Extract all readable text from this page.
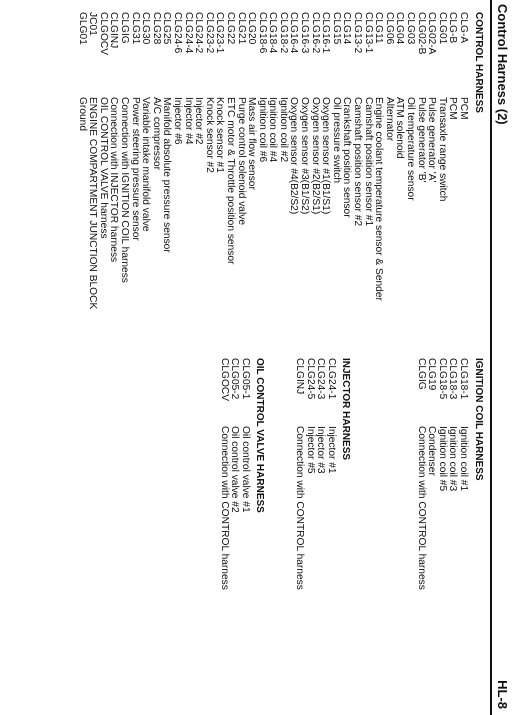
Control Harness (2)
HL-8
CONTROL HARNESS
CLG-A
PCM
CLG-B
PCM
CLG01
Transaxle range switch
CLG02-A
Pulse generator 'A'
CLG02-B
Pulse generator 'B'
CLG03
Oil temperature sensor
CLG04
ATM solenoid
CLG06
Alternator
CLG11
Engine coolant temperature sensor & Sender
CLG13-1
Camshaft position sensor #1
CLG13-2
Camshaft position sensor #2
CLG14
Crankshaft position sensor
CLG15
Oil pressure switch
CLG16-1
Oxygen sensor #1(B1/S1)
CLG16-2
Oxygen sensor #2(B2/S1)
CLG16-3
Oxygen sensor #3(B1/S2)
CLG16-4
Oxygen sensor #4(B2/S2)
CLG18-2
Ignition coil #2
CLG18-4
Ignition coil #4
CLG18-6
Ignition coil #6
CLG20
Mass air flow sensor
CLG21
Purge control solenoid valve
CLG22
ETC motor & Throttle position sensor
CLG23-1
Knock sensor #1
CLG23-2
Knock sensor #2
CLG24-2
Injector #2
CLG24-4
Injector #4
CLG24-6
Injector #6
CLG25
Manifold absolute pressure sensor
CLG28
A/C compressor
CLG30
Variable intake manifold valve
CLG31
Power steering pressure sensor
CLGIG
Connection with IGNITION COIL harness
CLGINJ
Connection with INJECTOR harness
CLGOCV
OIL CONTROL VALVE harness
JC01
ENGINE COMPARTMENT JUNCTION BLOCK
GLG01
Ground
IGNITION COIL HARNESS
CLG18-1
Ignition coil #1
CLG18-3
Ignition coil #3
CLG18-5
Ignition coil #5
CLG19
Condenser
CLGIG
Connection with CONTROL harness
INJECTOR HARNESS
CLG24-1
Injector #1
CLG24-3
Injector #3
CLG24-5
Injector #5
CLGINJ
Connection with CONTROL harness
OIL CONTROL VALVE HARNESS
CLG05-1
Oil control valve #1
CLG05-2
Oil control valve #2
CLGOCV
Connection with CONTROL harness
